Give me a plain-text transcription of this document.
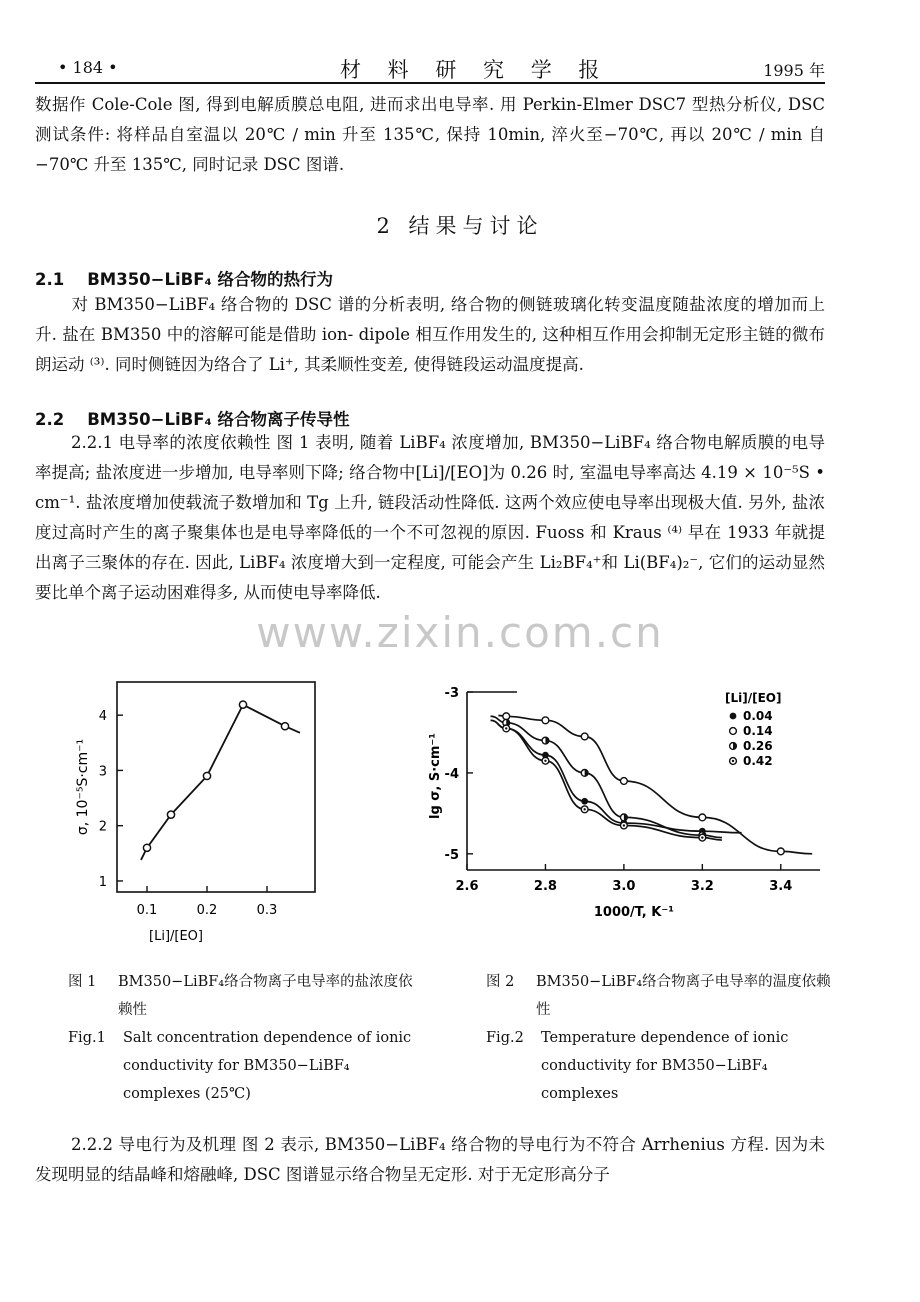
• 184 •	材 料 研 究 学 报	1995 年

数据作 Cole-Cole 图, 得到电解质膜总电阻, 进而求出电导率. 用 Perkin-Elmer DSC7 型热分析仪, DSC 测试条件: 将样品自室温以 20℃ ∕ min 升至 135℃, 保持 10min, 淬火至−70℃, 再以 20℃ ∕ min 自−70℃ 升至 135℃, 同时记录 DSC 图谱.

2 结果与讨论
2.1 BM350−LiBF₄ 络合物的热行为

对 BM350−LiBF₄ 络合物的 DSC 谱的分析表明, 络合物的侧链玻璃化转变温度随盐浓度的增加而上升. 盐在 BM350 中的溶解可能是借助 ion- dipole 相互作用发生的, 这种相互作用会抑制无定形主链的微布朗运动 ⁽³⁾. 同时侧链因为络合了 Li⁺, 其柔顺性变差, 使得链段运动温度提高.

2.2 BM350−LiBF₄ 络合物离子传导性

2.2.1 电导率的浓度依赖性 图 1 表明, 随着 LiBF₄ 浓度增加, BM350−LiBF₄ 络合物电解质膜的电导率提高; 盐浓度进一步增加, 电导率则下降; 络合物中[Li]∕[EO]为 0.26 时, 室温电导率高达 4.19 × 10⁻⁵S • cm⁻¹. 盐浓度增加使载流子数增加和 Tg 上升, 链段活动性降低. 这两个效应使电导率出现极大值. 另外, 盐浓度过高时产生的离子聚集体也是电导率降低的一个不可忽视的原因. Fuoss 和 Kraus ⁽⁴⁾ 早在 1933 年就提出离子三聚体的存在. 因此, LiBF₄ 浓度增大到一定程度, 可能会产生 Li₂BF₄⁺和 Li(BF₄)₂⁻, 它们的运动显然要比单个离子运动困难得多, 从而使电导率降低.

www.zixin.com.cn
0.1	0.2	0.3
1
2
3
4
[Li]/[EO]
σ, 10⁻⁵S·cm⁻¹
2.6	2.8	3.0	3.2	3.4
-3
-4
-5
1000/T, K⁻¹
lg σ, S·cm⁻¹
[Li]/[EO]
0.04
0.14
0.26
0.42
图 1 BM350−LiBF₄络合物离子电导率的盐浓度依赖性
Fig.1 Salt concentration dependence of ionic conductivity for BM350−LiBF₄ complexes (25℃)
图 2 BM350−LiBF₄络合物离子电导率的温度依赖性
Fig.2 Temperature dependence of ionic conductivity for BM350−LiBF₄ complexes

2.2.2 导电行为及机理 图 2 表示, BM350−LiBF₄ 络合物的导电行为不符合 Arrhenius 方程. 因为未发现明显的结晶峰和熔融峰, DSC 图谱显示络合物呈无定形. 对于无定形高分子
